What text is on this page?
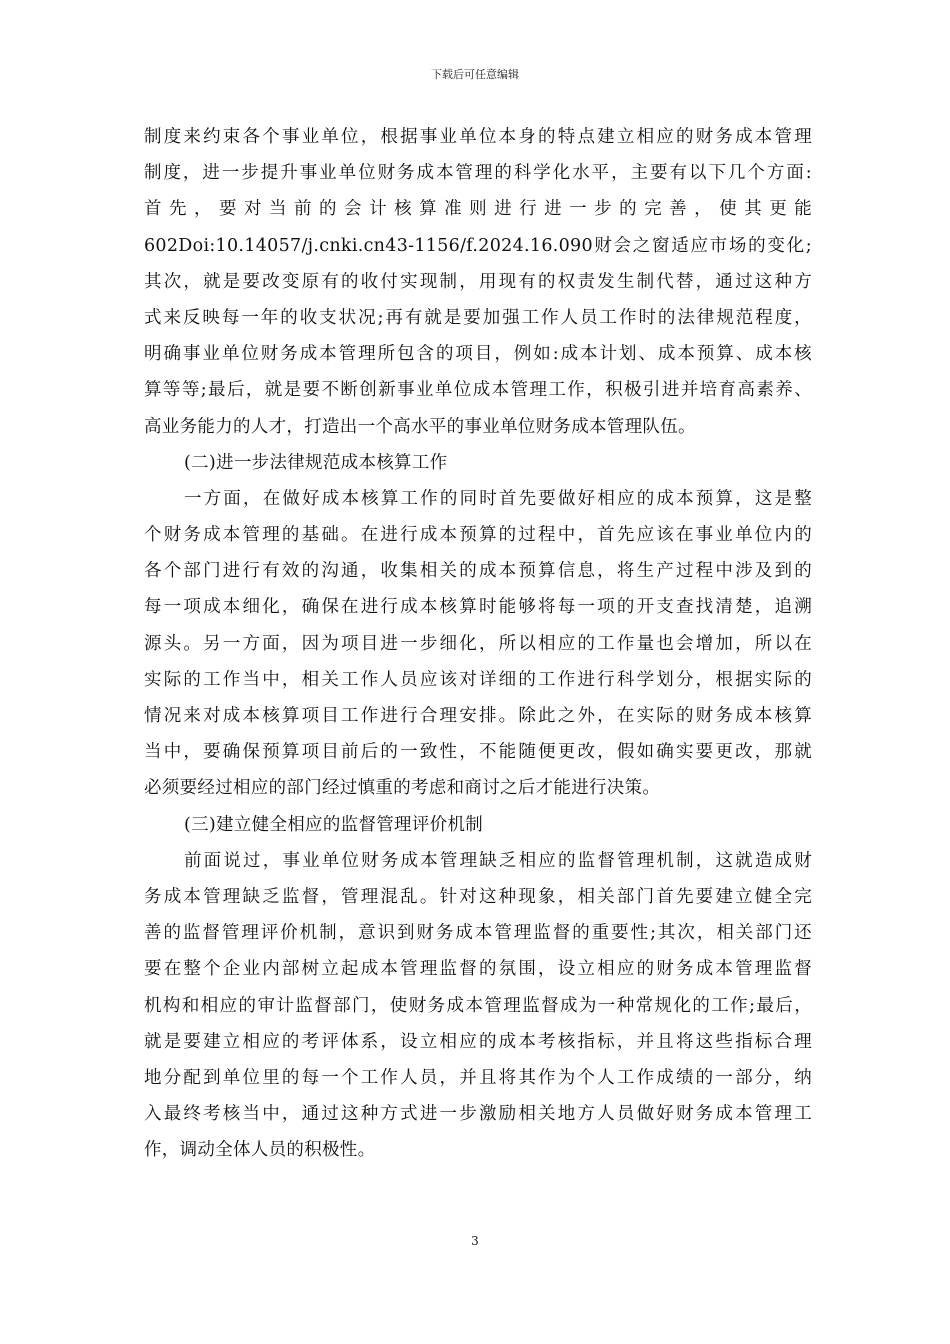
下载后可任意编辑
制度来约束各个事业单位，根据事业单位本身的特点建立相应的财务成本管理
制度，进一步提升事业单位财务成本管理的科学化水平，主要有以下几个方面:
首 先 ， 要 对 当 前 的 会 计 核 算 准 则 进 行 进 一 步 的 完 善 ， 使 其 更 能
602Doi:10.14057/j.cnki.cn43-1156/f.2024.16.090财会之窗适应市场的变化;
其次，就是要改变原有的收付实现制，用现有的权责发生制代替，通过这种方
式来反映每一年的收支状况;再有就是要加强工作人员工作时的法律规范程度，
明确事业单位财务成本管理所包含的项目，例如:成本计划、成本预算、成本核
算等等;最后，就是要不断创新事业单位成本管理工作，积极引进并培育高素养、
高业务能力的人才，打造出一个高水平的事业单位财务成本管理队伍。
(二)进一步法律规范成本核算工作
一方面，在做好成本核算工作的同时首先要做好相应的成本预算，这是整
个财务成本管理的基础。在进行成本预算的过程中，首先应该在事业单位内的
各个部门进行有效的沟通，收集相关的成本预算信息，将生产过程中涉及到的
每一项成本细化，确保在进行成本核算时能够将每一项的开支查找清楚，追溯
源头。另一方面，因为项目进一步细化，所以相应的工作量也会增加，所以在
实际的工作当中，相关工作人员应该对详细的工作进行科学划分，根据实际的
情况来对成本核算项目工作进行合理安排。除此之外，在实际的财务成本核算
当中，要确保预算项目前后的一致性，不能随便更改，假如确实要更改，那就
必须要经过相应的部门经过慎重的考虑和商讨之后才能进行决策。
(三)建立健全相应的监督管理评价机制
前面说过，事业单位财务成本管理缺乏相应的监督管理机制，这就造成财
务成本管理缺乏监督，管理混乱。针对这种现象，相关部门首先要建立健全完
善的监督管理评价机制，意识到财务成本管理监督的重要性;其次，相关部门还
要在整个企业内部树立起成本管理监督的氛围，设立相应的财务成本管理监督
机构和相应的审计监督部门，使财务成本管理监督成为一种常规化的工作;最后，
就是要建立相应的考评体系，设立相应的成本考核指标，并且将这些指标合理
地分配到单位里的每一个工作人员，并且将其作为个人工作成绩的一部分，纳
入最终考核当中，通过这种方式进一步激励相关地方人员做好财务成本管理工
作，调动全体人员的积极性。
3
